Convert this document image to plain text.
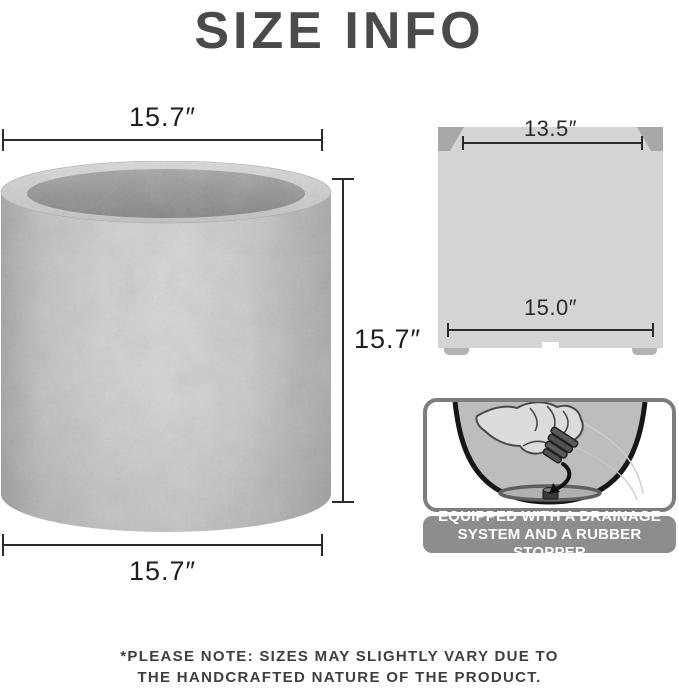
SIZE INFO
15.7″
15.7″
15.7″
13.5″
15.0″
EQUIPPED WITH A DRAINAGE
SYSTEM AND A RUBBER STOPPER
*PLEASE NOTE: SIZES MAY SLIGHTLY VARY DUE TO
THE HANDCRAFTED NATURE OF THE PRODUCT.
